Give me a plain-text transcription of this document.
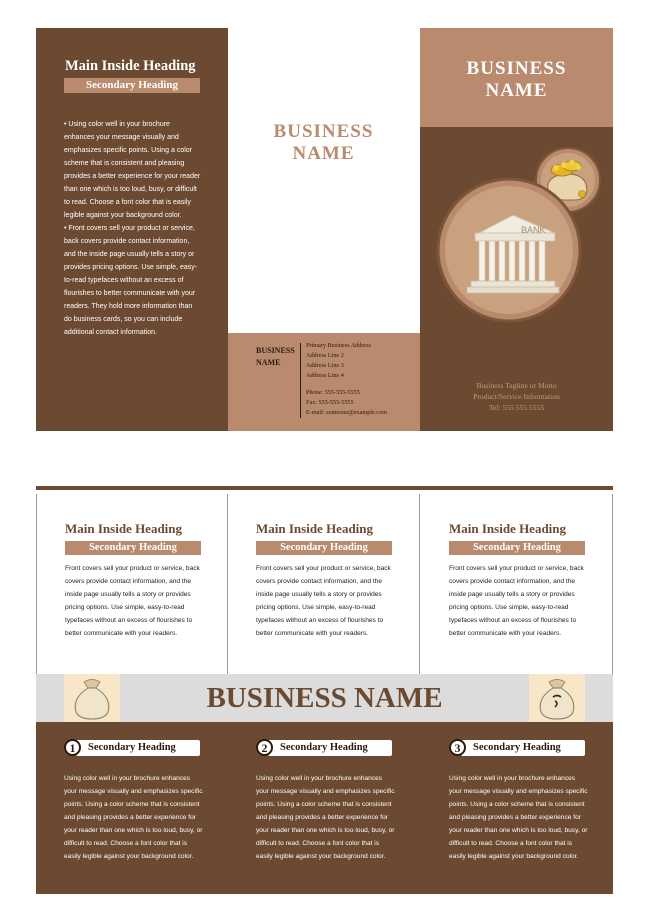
Main Inside Heading
Secondary Heading

• Using color well in your brochure enhances your message visually and emphasizes specific points. Using a color scheme that is consistent and pleasing provides a better experience for your reader than one which is too loud, busy, or difficult to read. Choose a font color that is easily legible against your background color.

• Front covers sell your product or service, back covers provide contact information, and the inside page usually tells a story or provides pricing options. Use simple, easy-to-read typefaces without an excess of flourishes to better communicate with your readers. They hold more information than do business cards, so you can include additional contact information.

BUSINESS
NAME
BUSINESS
NAME
Primary Business Address
Address Line 2
Address Line 3
Address Line 4
Phone: 555-555-5555
Fax: 555-555-5555
E-mail: someone@example.com
BUSINESS
NAME
BANK
Business Tagline or Motto
Product/Service Information
Tel: 555 555 5555
Main Inside Heading
Secondary Heading
Front covers sell your product or service, back covers provide contact information, and the inside page usually tells a story or provides pricing options. Use simple, easy-to-read typefaces without an excess of flourishes to better communicate with your readers.
Main Inside Heading
Secondary Heading
Front covers sell your product or service, back covers provide contact information, and the inside page usually tells a story or provides pricing options. Use simple, easy-to-read typefaces without an excess of flourishes to better communicate with your readers.
Main Inside Heading
Secondary Heading
Front covers sell your product or service, back covers provide contact information, and the inside page usually tells a story or provides pricing options. Use simple, easy-to-read typefaces without an excess of flourishes to better communicate with your readers.
BUSINESS NAME
1	Secondary Heading
Using color well in your brochure enhances your message visually and emphasizes specific points. Using a color scheme that is consistent and pleasing provides a better experience for your reader than one which is too loud, busy, or difficult to read. Choose a font color that is easily legible against your background color.
2	Secondary Heading
Using color well in your brochure enhances your message visually and emphasizes specific points. Using a color scheme that is consistent and pleasing provides a better experience for your reader than one which is too loud, busy, or difficult to read. Choose a font color that is easily legible against your background color.
3	Secondary Heading
Using color well in your brochure enhances your message visually and emphasizes specific points. Using a color scheme that is consistent and pleasing provides a better experience for your reader than one which is too loud, busy, or difficult to read. Choose a font color that is easily legible against your background color.
